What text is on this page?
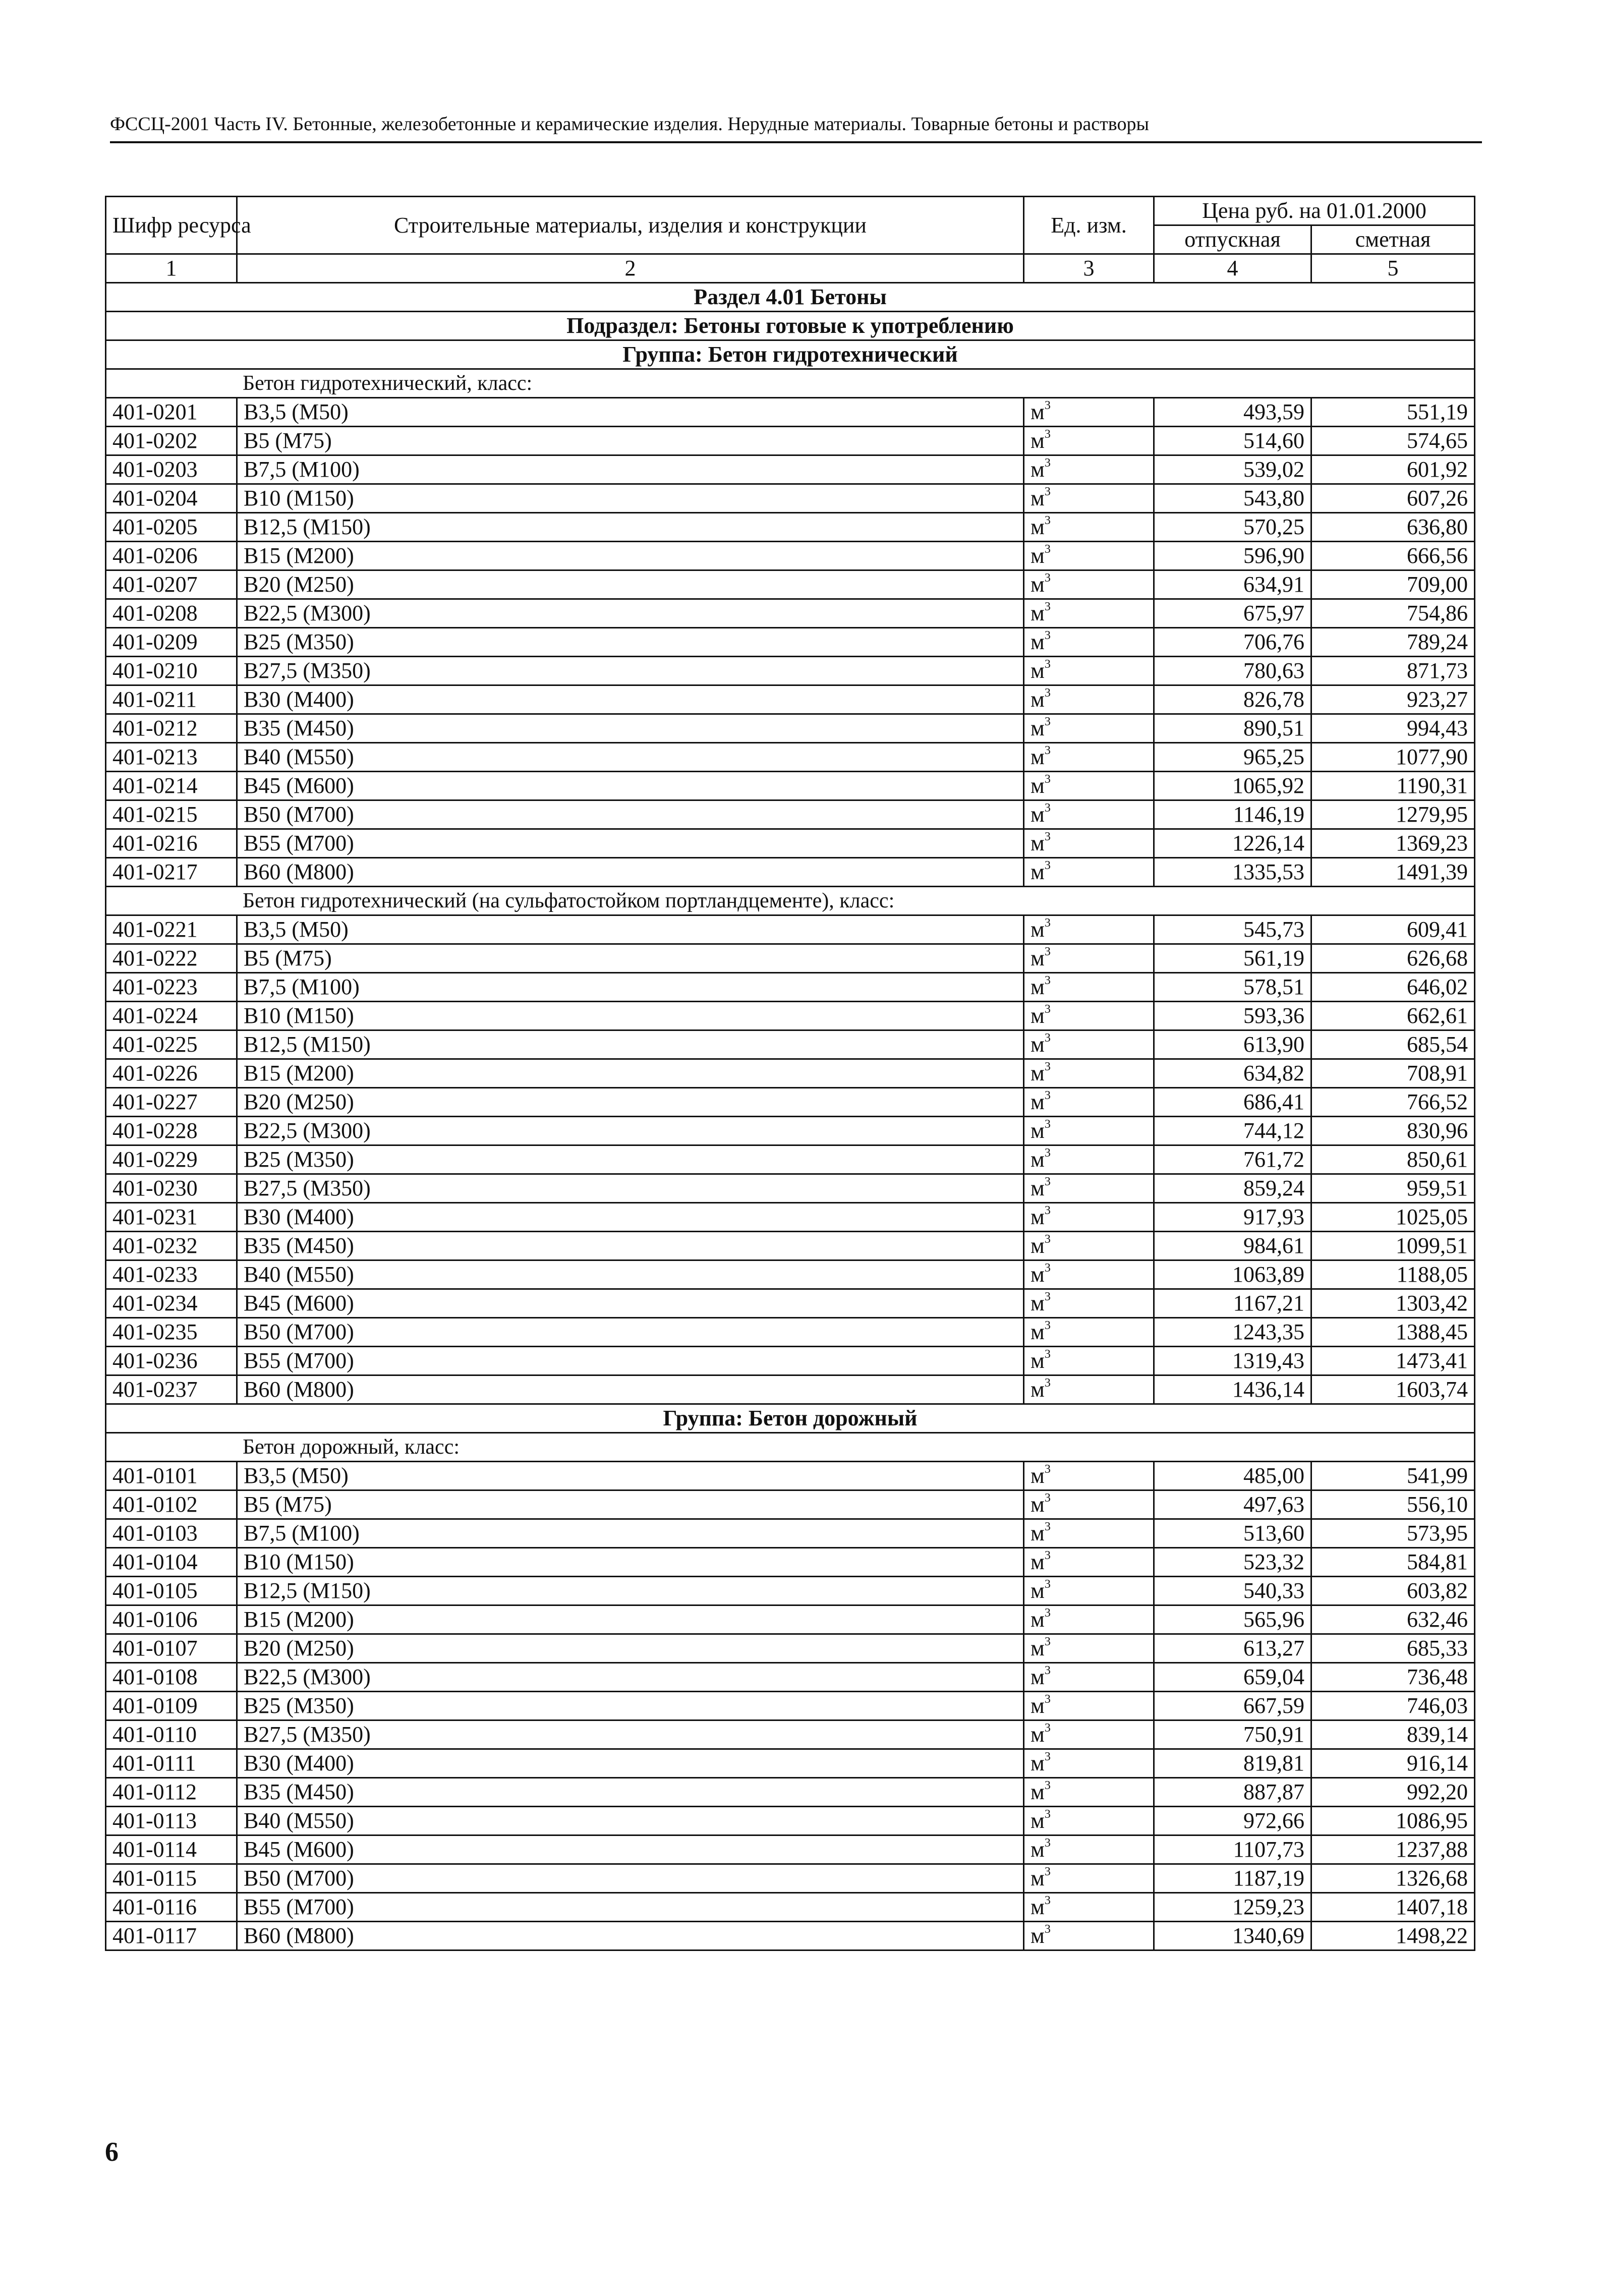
ФССЦ-2001 Часть IV. Бетонные, железобетонные и керамические изделия. Нерудные материалы. Товарные бетоны и растворы
Шифр ресурса	Строительные материалы, изделия и конструкции	Ед. изм.	Цена руб. на 01.01.2000	
			отпускная	сметная
1	2	3	4	5
Раздел 4.01 Бетоны				
Подраздел: Бетоны готовые к употреблению				
Группа: Бетон гидротехнический				
Бетон гидротехнический, класс:				
401-0201	В3,5 (М50)	$м^3$	493,59	551,19
401-0202	В5 (М75)	$м^3$	514,60	574,65
401-0203	В7,5 (М100)	$м^3$	539,02	601,92
401-0204	В10 (М150)	$м^3$	543,80	607,26
401-0205	В12,5 (М150)	$м^3$	570,25	636,80
401-0206	В15 (М200)	$м^3$	596,90	666,56
401-0207	В20 (М250)	$м^3$	634,91	709,00
401-0208	В22,5 (М300)	$м^3$	675,97	754,86
401-0209	В25 (М350)	$м^3$	706,76	789,24
401-0210	В27,5 (М350)	$м^3$	780,63	871,73
401-0211	В30 (М400)	$м^3$	826,78	923,27
401-0212	В35 (М450)	$м^3$	890,51	994,43
401-0213	В40 (М550)	$м^3$	965,25	1077,90
401-0214	В45 (М600)	$м^3$	1065,92	1190,31
401-0215	В50 (М700)	$м^3$	1146,19	1279,95
401-0216	В55 (М700)	$м^3$	1226,14	1369,23
401-0217	В60 (М800)	$м^3$	1335,53	1491,39
Бетон гидротехнический (на сульфатостойком портландцементе), класс:				
401-0221	В3,5 (М50)	$м^3$	545,73	609,41
401-0222	В5 (М75)	$м^3$	561,19	626,68
401-0223	В7,5 (М100)	$м^3$	578,51	646,02
401-0224	В10 (М150)	$м^3$	593,36	662,61
401-0225	В12,5 (М150)	$м^3$	613,90	685,54
401-0226	В15 (М200)	$м^3$	634,82	708,91
401-0227	В20 (М250)	$м^3$	686,41	766,52
401-0228	В22,5 (М300)	$м^3$	744,12	830,96
401-0229	В25 (М350)	$м^3$	761,72	850,61
401-0230	В27,5 (М350)	$м^3$	859,24	959,51
401-0231	В30 (М400)	$м^3$	917,93	1025,05
401-0232	В35 (М450)	$м^3$	984,61	1099,51
401-0233	В40 (М550)	$м^3$	1063,89	1188,05
401-0234	В45 (М600)	$м^3$	1167,21	1303,42
401-0235	В50 (М700)	$м^3$	1243,35	1388,45
401-0236	В55 (М700)	$м^3$	1319,43	1473,41
401-0237	В60 (М800)	$м^3$	1436,14	1603,74
Группа: Бетон дорожный				
Бетон дорожный, класс:				
401-0101	В3,5 (М50)	$м^3$	485,00	541,99
401-0102	В5 (М75)	$м^3$	497,63	556,10
401-0103	В7,5 (М100)	$м^3$	513,60	573,95
401-0104	В10 (М150)	$м^3$	523,32	584,81
401-0105	В12,5 (М150)	$м^3$	540,33	603,82
401-0106	В15 (М200)	$м^3$	565,96	632,46
401-0107	В20 (М250)	$м^3$	613,27	685,33
401-0108	В22,5 (М300)	$м^3$	659,04	736,48
401-0109	В25 (М350)	$м^3$	667,59	746,03
401-0110	В27,5 (М350)	$м^3$	750,91	839,14
401-0111	В30 (М400)	$м^3$	819,81	916,14
401-0112	В35 (М450)	$м^3$	887,87	992,20
401-0113	В40 (М550)	$м^3$	972,66	1086,95
401-0114	В45 (М600)	$м^3$	1107,73	1237,88
401-0115	В50 (М700)	$м^3$	1187,19	1326,68
401-0116	В55 (М700)	$м^3$	1259,23	1407,18
401-0117	В60 (М800)	$м^3$	1340,69	1498,22
6
